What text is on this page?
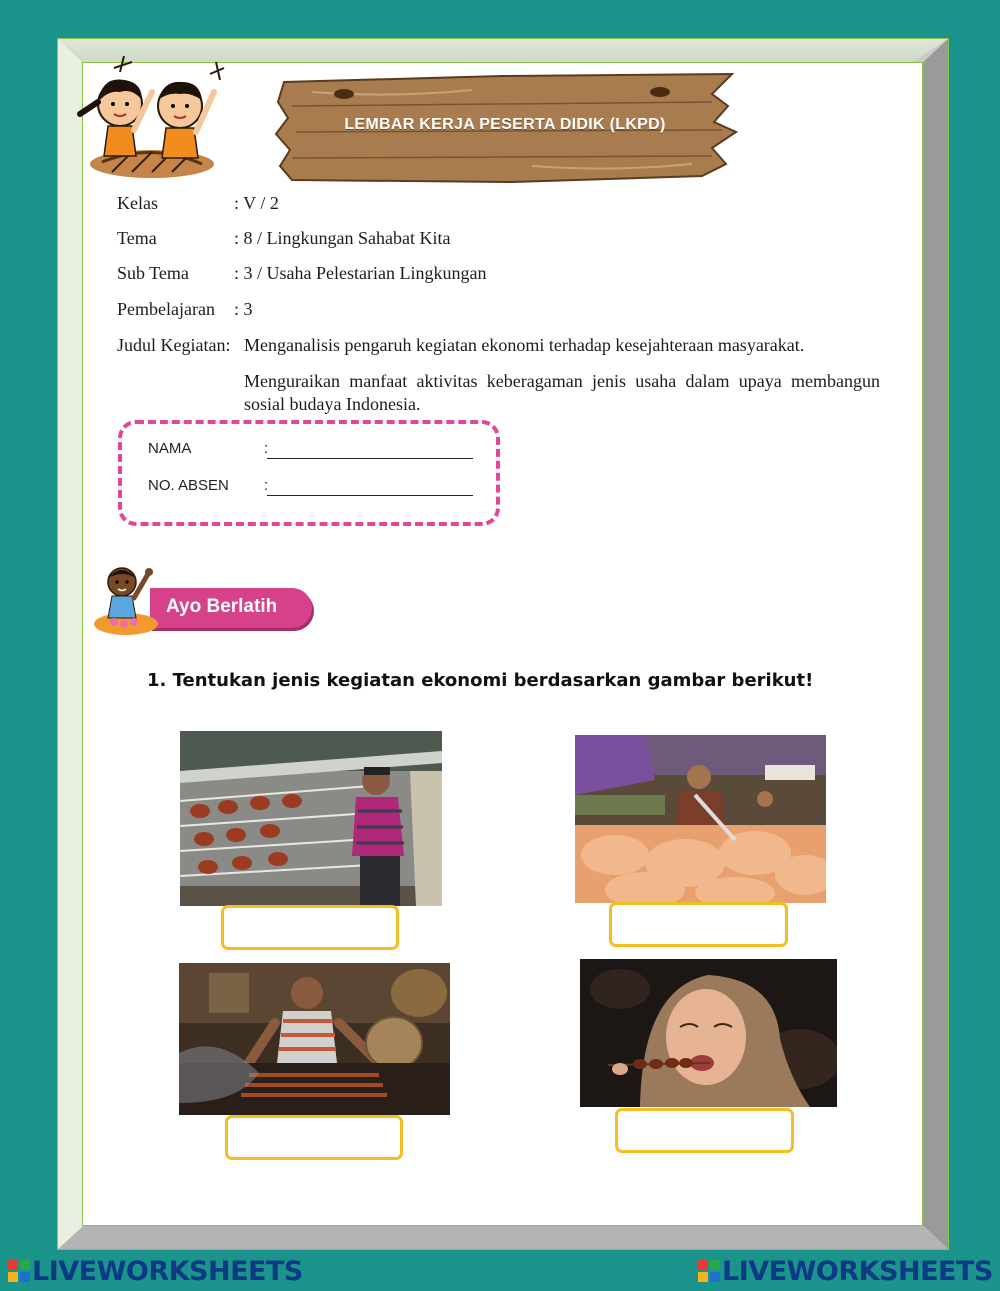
LEMBAR KERJA PESERTA DIDIK (LKPD)
Kelas	: V / 2
Tema	: 8 / Lingkungan Sahabat Kita
Sub Tema	: 3 / Usaha Pelestarian Lingkungan
Pembelajaran : 3
Judul Kegiatan: Menganalisis pengaruh kegiatan ekonomi terhadap kesejahteraan masyarakat.
Menguraikan manfaat aktivitas keberagaman jenis usaha dalam upaya membangun sosial budaya Indonesia.
NAMA	:
NO. ABSEN :
Ayo Berlatih
1. Tentukan jenis kegiatan ekonomi berdasarkan gambar berikut!
LIVEWORKSHEETS	LIVEWORKSHEETS
